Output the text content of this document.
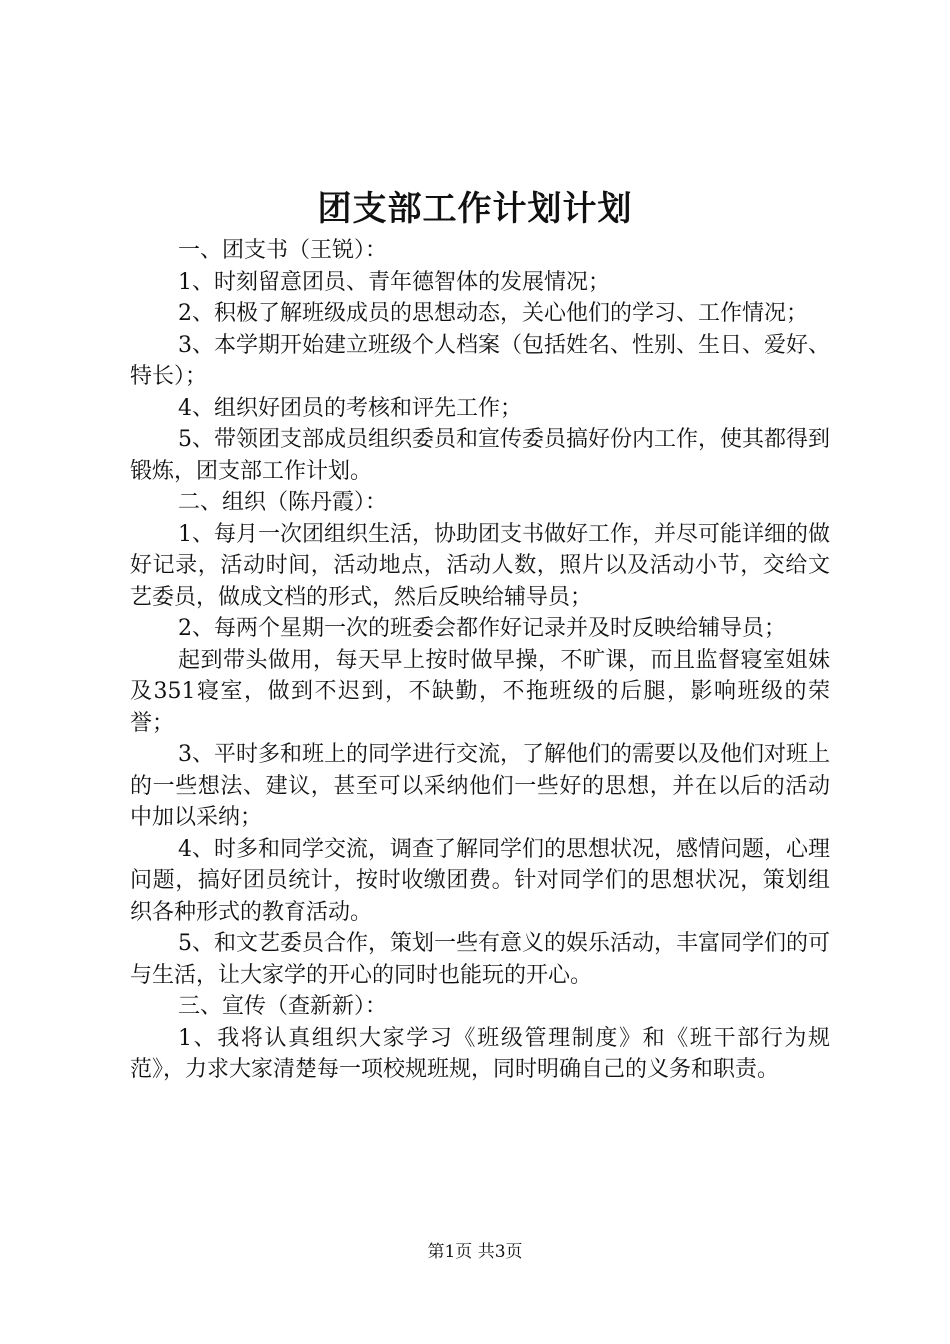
团支部工作计划计划

一、团支书（王锐）：

1、时刻留意团员、青年德智体的发展情况；

2、积极了解班级成员的思想动态，关心他们的学习、工作情况；

3、本学期开始建立班级个人档案（包括姓名、性别、生日、爱好、特长）；

4、组织好团员的考核和评先工作；

5、带领团支部成员组织委员和宣传委员搞好份内工作，使其都得到锻炼，团支部工作计划。

二、组织（陈丹霞）：

1、每月一次团组织生活，协助团支书做好工作，并尽可能详细的做好记录，活动时间，活动地点，活动人数，照片以及活动小节，交给文艺委员，做成文档的形式，然后反映给辅导员；

2、每两个星期一次的班委会都作好记录并及时反映给辅导员；

起到带头做用，每天早上按时做早操，不旷课，而且监督寝室姐妹及351寝室，做到不迟到，不缺勤，不拖班级的后腿，影响班级的荣誉；

3、平时多和班上的同学进行交流，了解他们的需要以及他们对班上的一些想法、建议，甚至可以采纳他们一些好的思想，并在以后的活动中加以采纳；

4、时多和同学交流，调查了解同学们的思想状况，感情问题，心理问题，搞好团员统计，按时收缴团费。针对同学们的思想状况，策划组织各种形式的教育活动。

5、和文艺委员合作，策划一些有意义的娱乐活动，丰富同学们的可与生活，让大家学的开心的同时也能玩的开心。

三、宣传（查新新）：

1、我将认真组织大家学习《班级管理制度》和《班干部行为规范》，力求大家清楚每一项校规班规，同时明确自己的义务和职责。

第1页 共3页
